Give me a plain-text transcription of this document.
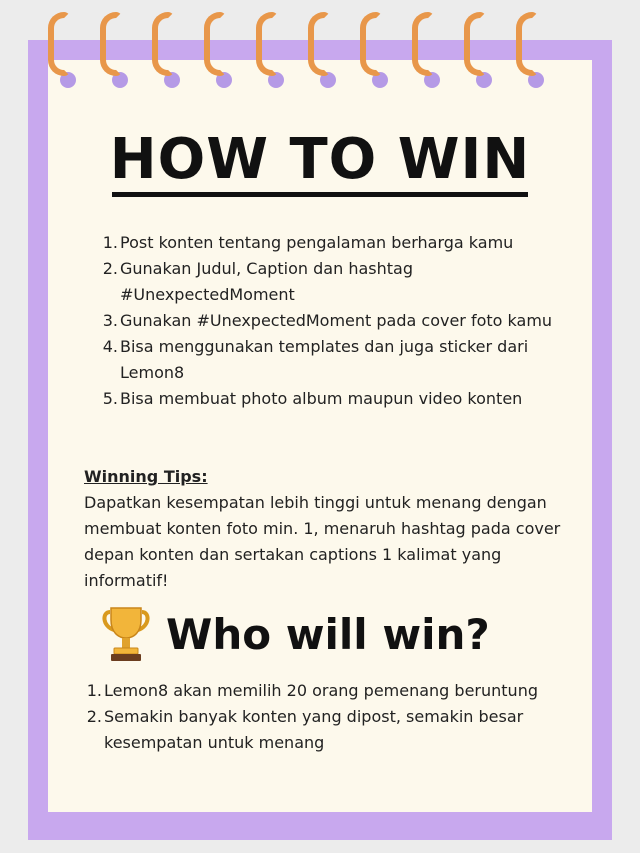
HOW TO WIN
1. Post konten tentang pengalaman berharga kamu
2. Gunakan Judul, Caption dan hashtag #UnexpectedMoment
3. Gunakan #UnexpectedMoment pada cover foto kamu
4. Bisa menggunakan templates dan juga sticker dari Lemon8
5. Bisa membuat photo album maupun video konten
Winning Tips:
Dapatkan kesempatan lebih tinggi untuk menang dengan membuat konten foto min. 1, menaruh hashtag pada cover depan konten dan sertakan captions 1 kalimat yang informatif!
Who will win?
1. Lemon8 akan memilih 20 orang pemenang beruntung
2. Semakin banyak konten yang dipost, semakin besar kesempatan untuk menang
